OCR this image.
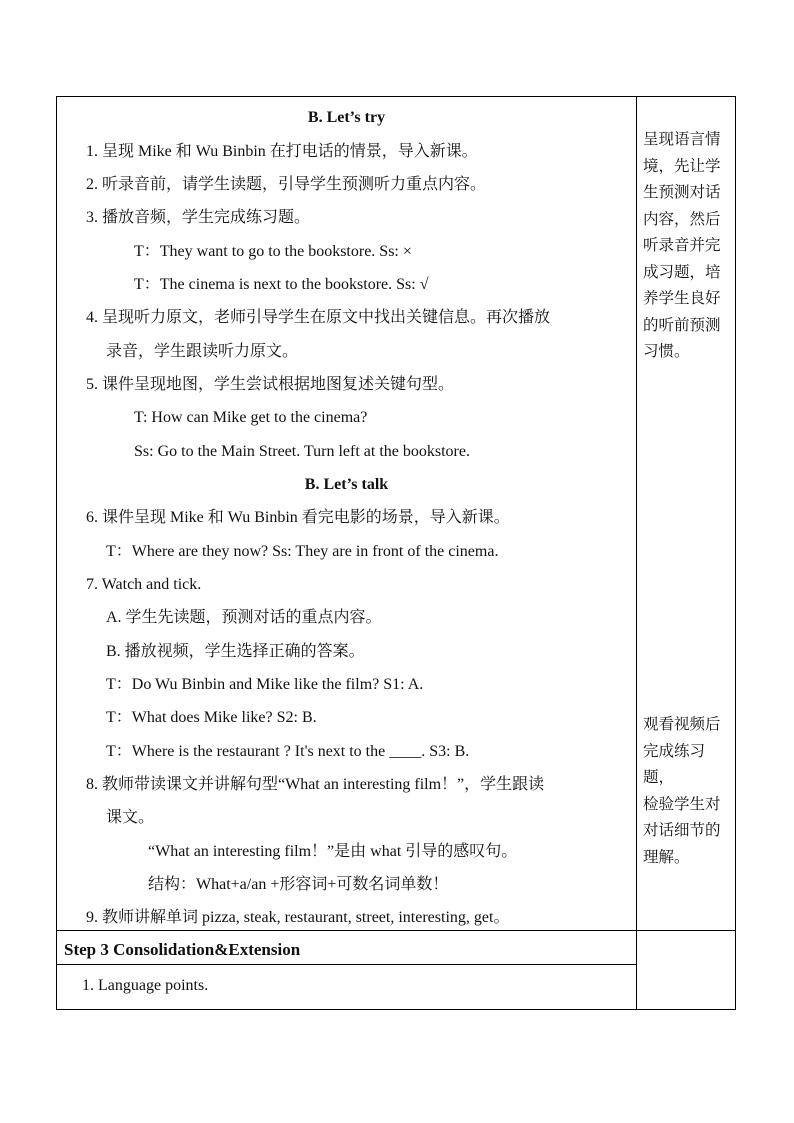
B. Let’s try
1. 呈现 Mike 和 Wu Binbin 在打电话的情景，导入新课。
2. 听录音前，请学生读题，引导学生预测听力重点内容。
3. 播放音频，学生完成练习题。
T：They want to go to the bookstore. Ss: ×
T：The cinema is next to the bookstore. Ss: √
4. 呈现听力原文，老师引导学生在原文中找出关键信息。再次播放
录音，学生跟读听力原文。
5. 课件呈现地图，学生尝试根据地图复述关键句型。
T: How can Mike get to the cinema?
Ss: Go to the Main Street. Turn left at the bookstore.
B. Let’s talk
6. 课件呈现 Mike 和 Wu Binbin 看完电影的场景，导入新课。
T：Where are they now? Ss: They are in front of the cinema.
7. Watch and tick.
A. 学生先读题，预测对话的重点内容。
B. 播放视频，学生选择正确的答案。
T：Do Wu Binbin and Mike like the film? S1: A.
T：What does Mike like? S2: B.
T：Where is the restaurant ? It's next to the ____. S3: B.
8. 教师带读课文并讲解句型“What an interesting film！”，学生跟读
课文。
“What an interesting film！”是由 what 引导的感叹句。
结构：What+a/an +形容词+可数名词单数！
9. 教师讲解单词 pizza, steak, restaurant, street, interesting, get。
呈现语言情
境，先让学
生预测对话
内容，然后
听录音并完
成习题，培
养学生良好
的听前预测
习惯。
观看视频后
完成练习题，
检验学生对
对话细节的
理解。
Step 3 Consolidation&Extension
1. Language points.
